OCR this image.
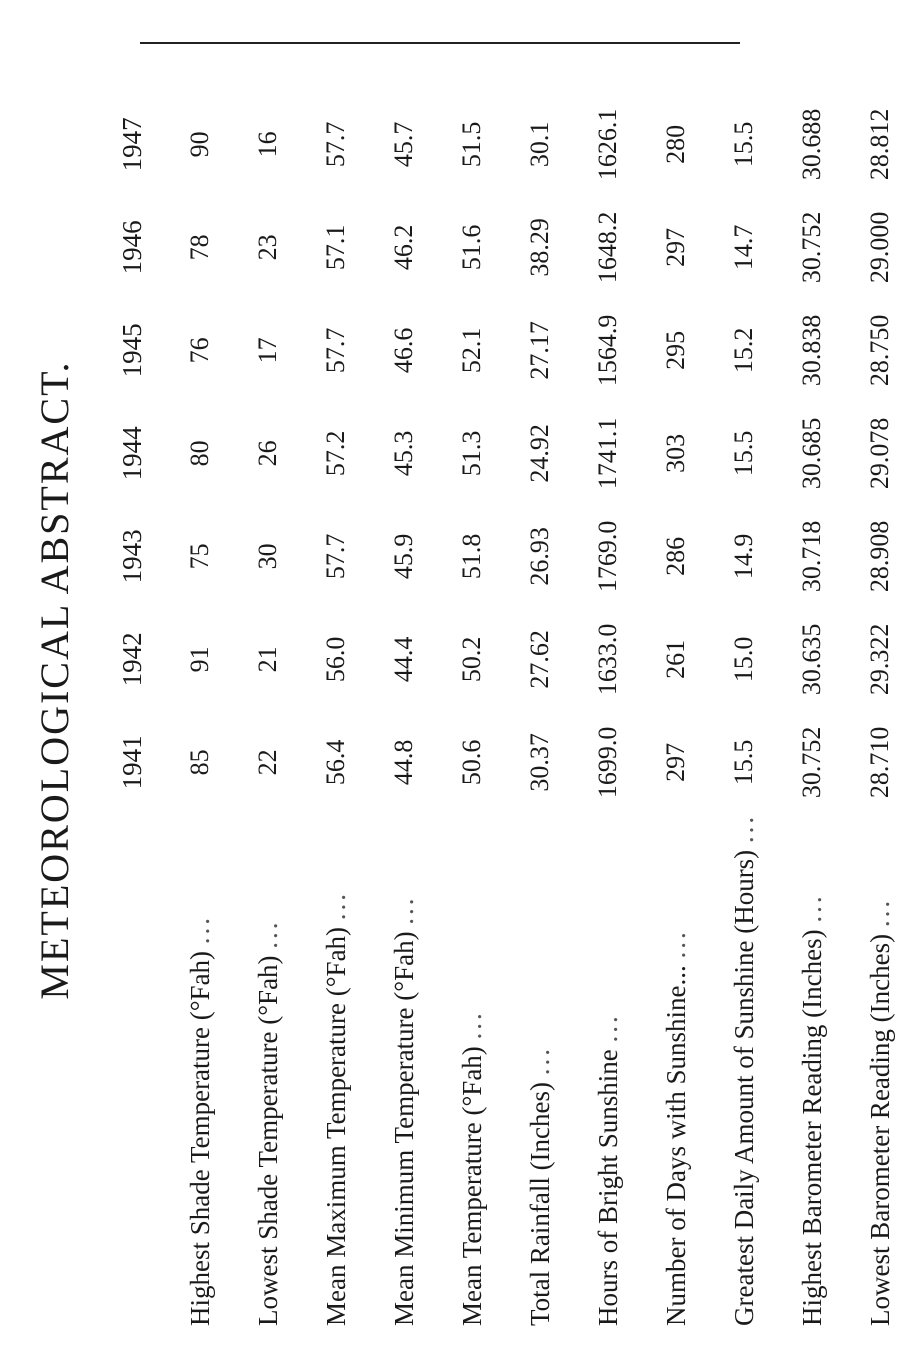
METEOROLOGICAL ABSTRACT.
		1941	1942	1943	1944	1945	1946	1947
Highest Shade Temperature (°Fah) ...	85	91	75	80	76	78	90
Lowest Shade Temperature (°Fah) ...	22	21	30	26	17	23	16
Mean Maximum Temperature (°Fah) ...	56.4	56.0	57.7	57.2	57.7	57.1	57.7
Mean Minimum Temperature (°Fah) ...	44.8	44.4	45.9	45.3	46.6	46.2	45.7
Mean Temperature (°Fah) ...	50.6	50.2	51.8	51.3	52.1	51.6	51.5
Total Rainfall (Inches) ...	30.37	27.62	26.93	24.92	27.17	38.29	30.1
Hours of Bright Sunshine ...	1699.0	1633.0	1769.0	1741.1	1564.9	1648.2	1626.1
Number of Days with Sunshine... ...	297	261	286	303	295	297	280
Greatest Daily Amount of Sunshine (Hours) ...	15.5	15.0	14.9	15.5	15.2	14.7	15.5
Highest Barometer Reading (Inches) ...	30.752	30.635	30.718	30.685	30.838	30.752	30.688
Lowest Barometer Reading (Inches) ...	28.710	29.322	28.908	29.078	28.750	29.000	28.812
